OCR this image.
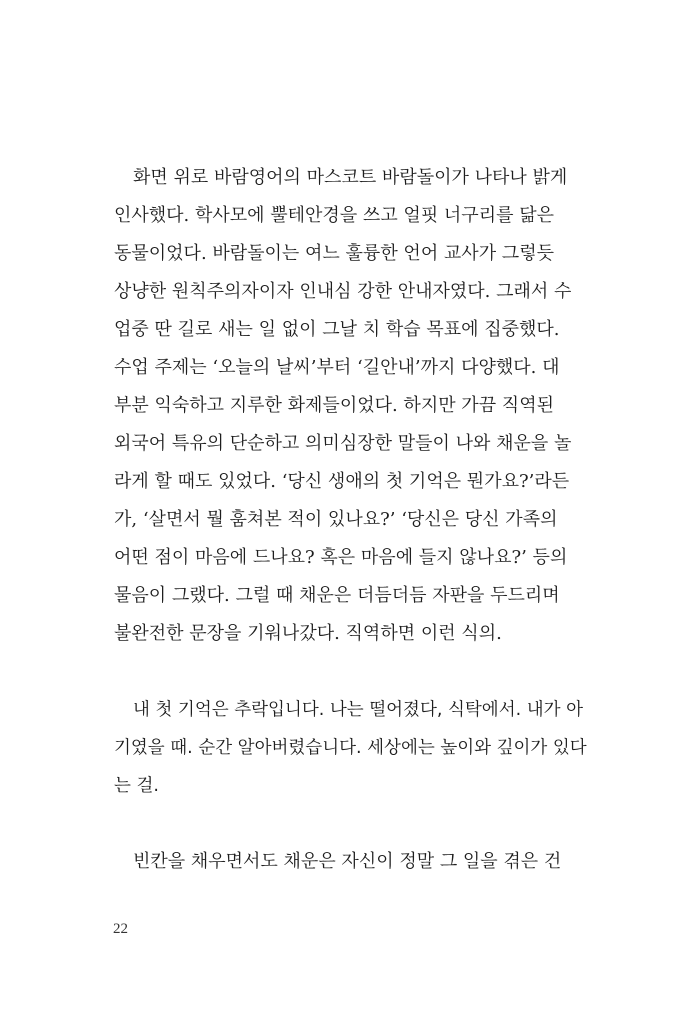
화면 위로 바람영어의 마스코트 바람돌이가 나타나 밝게
인사했다. 학사모에 뿔테안경을 쓰고 얼핏 너구리를 닮은
동물이었다. 바람돌이는 여느 훌륭한 언어 교사가 그렇듯
상냥한 원칙주의자이자 인내심 강한 안내자였다. 그래서 수
업중 딴 길로 새는 일 없이 그날 치 학습 목표에 집중했다.
수업 주제는 ‘오늘의 날씨’부터 ‘길안내’까지 다양했다. 대
부분 익숙하고 지루한 화제들이었다. 하지만 가끔 직역된
외국어 특유의 단순하고 의미심장한 말들이 나와 채운을 놀
라게 할 때도 있었다. ‘당신 생애의 첫 기억은 뭔가요?’라든
가, ‘살면서 뭘 훔쳐본 적이 있나요?’ ‘당신은 당신 가족의
어떤 점이 마음에 드나요? 혹은 마음에 들지 않나요?’ 등의
물음이 그랬다. 그럴 때 채운은 더듬더듬 자판을 두드리며
불완전한 문장을 기워나갔다. 직역하면 이런 식의.
내 첫 기억은 추락입니다. 나는 떨어졌다, 식탁에서. 내가 아
기였을 때. 순간 알아버렸습니다. 세상에는 높이와 깊이가 있다
는 걸.
빈칸을 채우면서도 채운은 자신이 정말 그 일을 겪은 건
22
